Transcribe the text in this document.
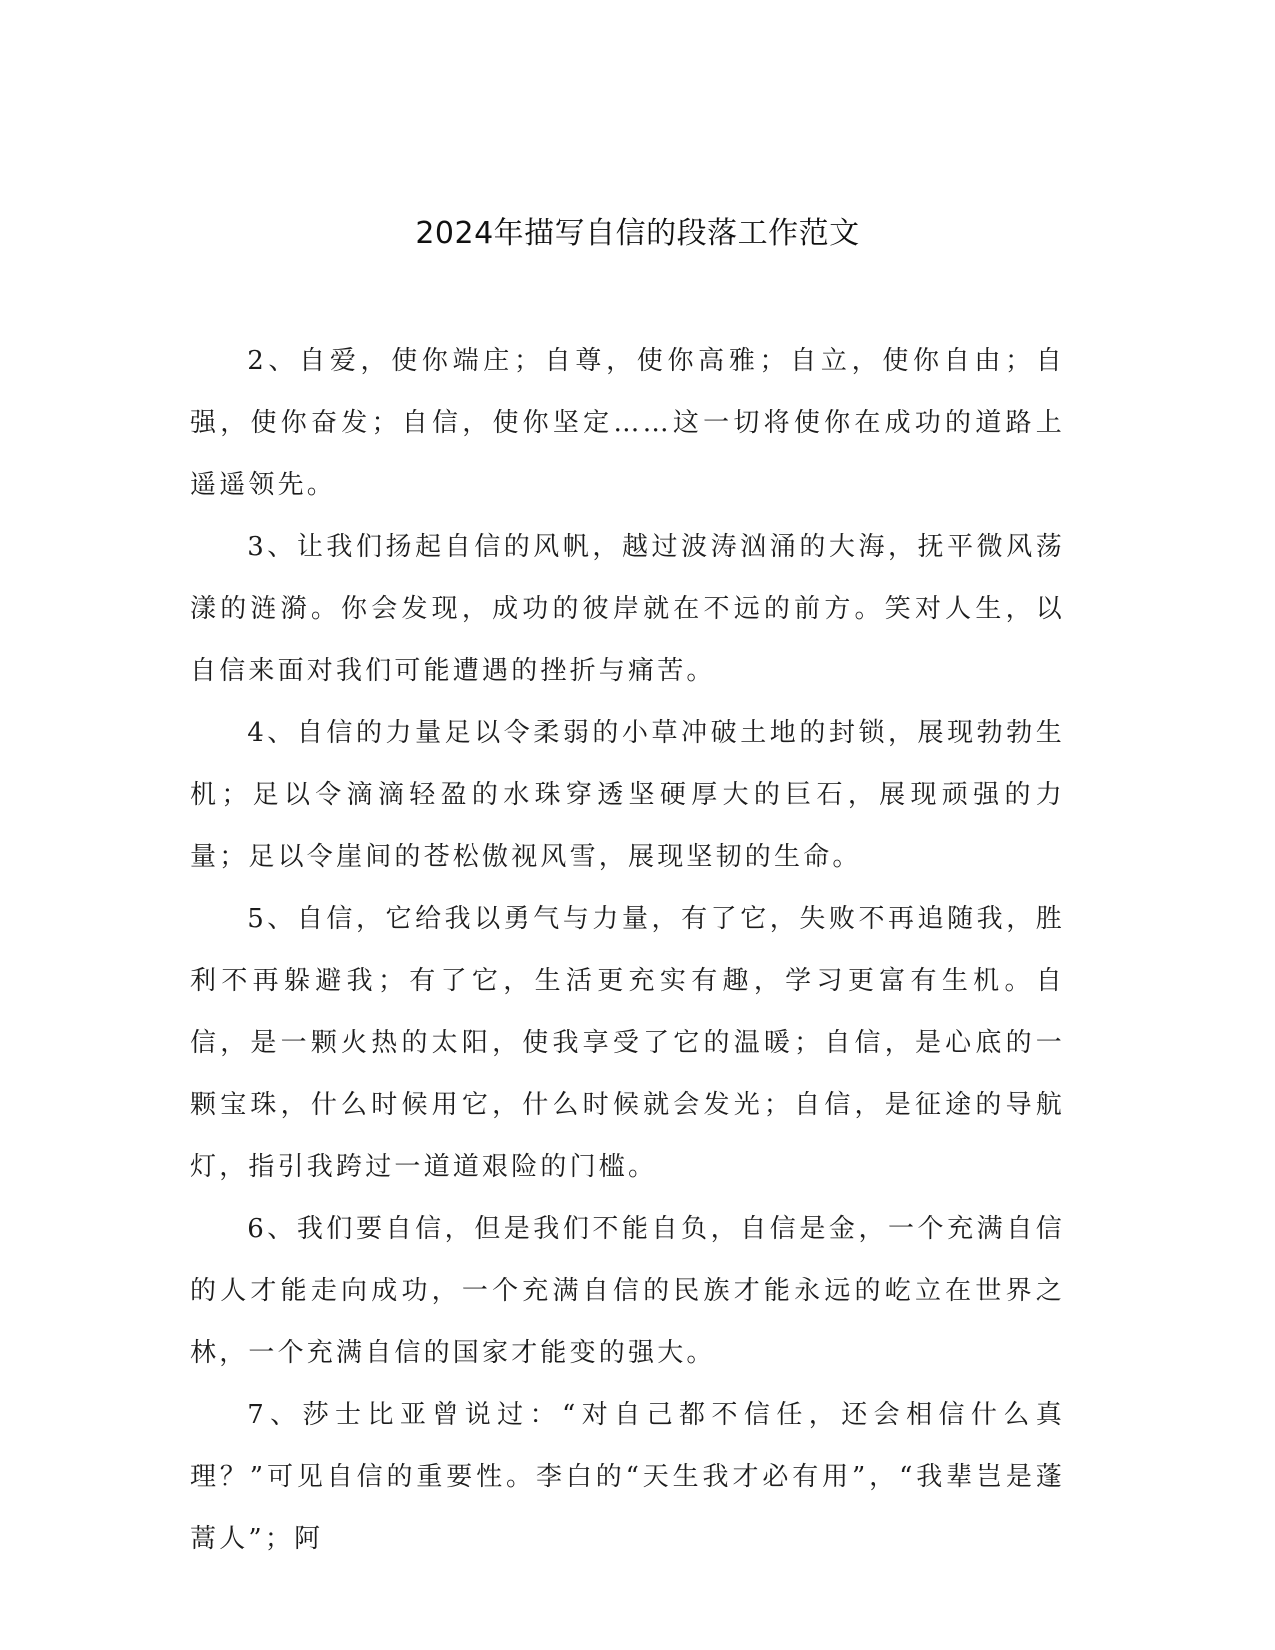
2024年描写自信的段落工作范文

2、自爱，使你端庄；自尊，使你高雅；自立，使你自由；自强，使你奋发；自信，使你坚定……这一切将使你在成功的道路上遥遥领先。

3、让我们扬起自信的风帆，越过波涛汹涌的大海，抚平微风荡漾的涟漪。你会发现，成功的彼岸就在不远的前方。笑对人生，以自信来面对我们可能遭遇的挫折与痛苦。

4、自信的力量足以令柔弱的小草冲破土地的封锁，展现勃勃生机；足以令滴滴轻盈的水珠穿透坚硬厚大的巨石，展现顽强的力量；足以令崖间的苍松傲视风雪，展现坚韧的生命。

5、自信，它给我以勇气与力量，有了它，失败不再追随我，胜利不再躲避我；有了它，生活更充实有趣，学习更富有生机。自信，是一颗火热的太阳，使我享受了它的温暖；自信，是心底的一颗宝珠，什么时候用它，什么时候就会发光；自信，是征途的导航灯，指引我跨过一道道艰险的门槛。

6、我们要自信，但是我们不能自负，自信是金，一个充满自信的人才能走向成功，一个充满自信的民族才能永远的屹立在世界之林，一个充满自信的国家才能变的强大。

7、莎士比亚曾说过：“对自己都不信任，还会相信什么真理？”可见自信的重要性。李白的“天生我才必有用”，“我辈岂是蓬蒿人”；阿
